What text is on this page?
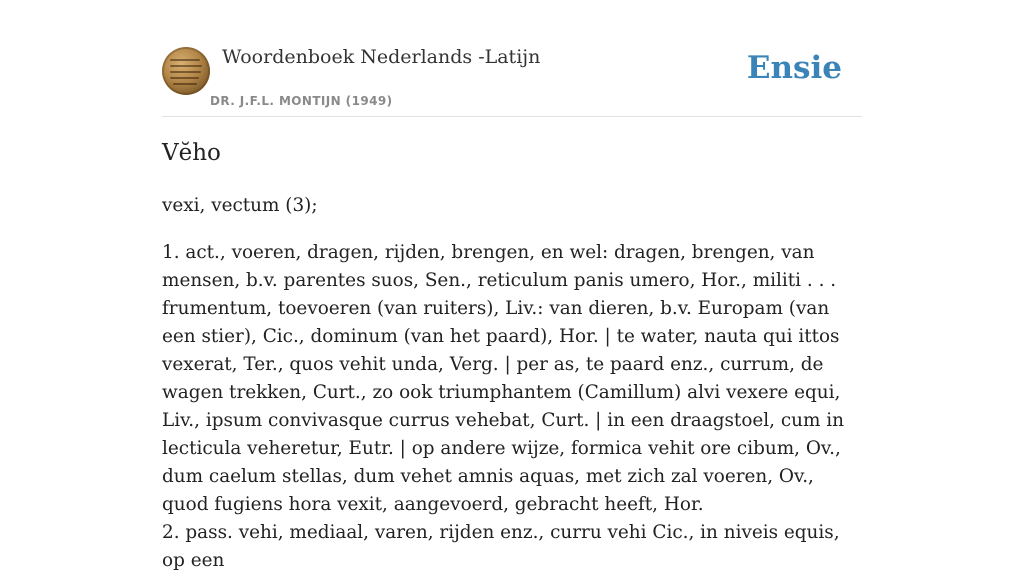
Woordenboek Nederlands -Latijn
DR. J.F.L. MONTIJN (1949)
Ensie
Vĕho

vexi, vectum (3);

1. act., voeren, dragen, rijden, brengen, en wel: dragen, brengen, van mensen, b.v. parentes suos, Sen., reticulum panis umero, Hor., militi . . . frumentum, toevoeren (van ruiters), Liv.: van dieren, b.v. Europam (van een stier), Cic., dominum (van het paard), Hor. | te water, nauta qui ittos vexerat, Ter., quos vehit unda, Verg. | per as, te paard enz., currum, de wagen trekken, Curt., zo ook triumphantem (Camillum) alvi vexere equi, Liv., ipsum convivasque currus vehebat, Curt. | in een draagstoel, cum in lecticula veheretur, Eutr. | op andere wijze, formica vehit ore cibum, Ov., dum caelum stellas, dum vehet amnis aquas, met zich zal voeren, Ov., quod fugiens hora vexit, aangevoerd, gebracht heeft, Hor.

2. pass. vehi, mediaal, varen, rijden enz., curru vehi Cic., in niveis equis, op een
